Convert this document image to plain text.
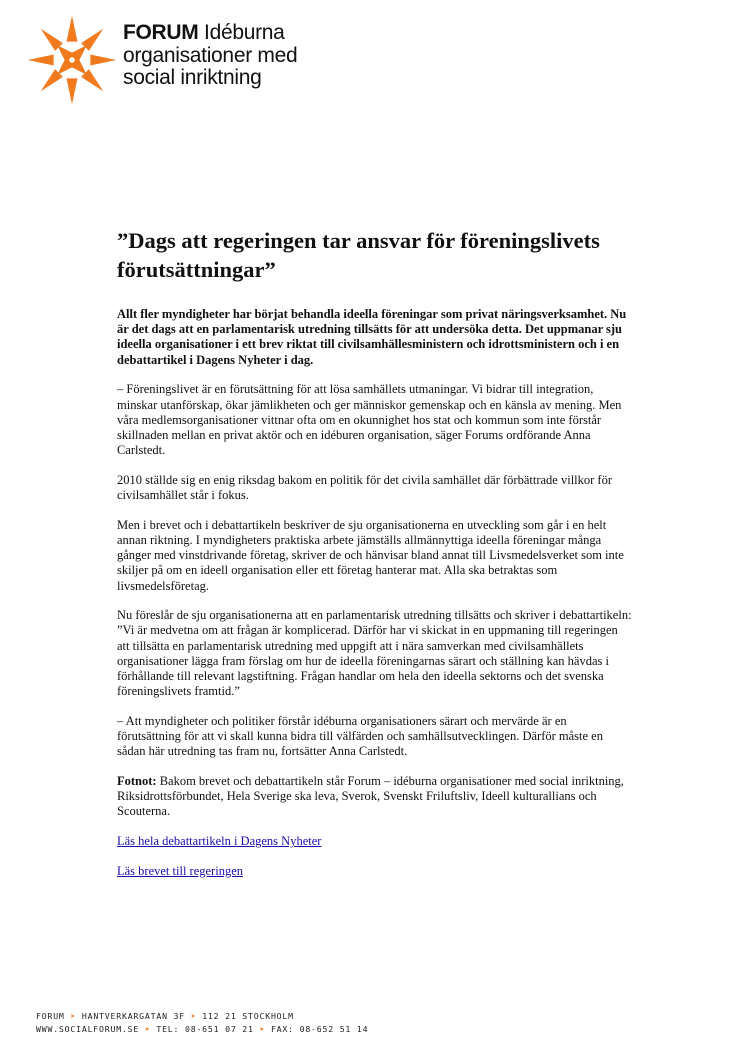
FORUM Idéburna
organisationer med
social inriktning
”Dags att regeringen tar ansvar för föreningslivets förutsättningar”

Allt fler myndigheter har börjat behandla ideella föreningar som privat näringsverksamhet. Nu är det dags att en parlamentarisk utredning tillsätts för att undersöka detta. Det uppmanar sju ideella organisationer i ett brev riktat till civilsamhällesministern och idrottsministern och i en debattartikel i Dagens Nyheter i dag.

– Föreningslivet är en förutsättning för att lösa samhällets utmaningar. Vi bidrar till integration, minskar utanförskap, ökar jämlikheten och ger människor gemenskap och en känsla av mening. Men våra medlemsorganisationer vittnar ofta om en okunnighet hos stat och kommun som inte förstår skillnaden mellan en privat aktör och en idéburen organisation, säger Forums ordförande Anna Carlstedt.

2010 ställde sig en enig riksdag bakom en politik för det civila samhället där förbättrade villkor för civilsamhället står i fokus.

Men i brevet och i debattartikeln beskriver de sju organisationerna en utveckling som går i en helt annan riktning. I myndigheters praktiska arbete jämställs allmännyttiga ideella föreningar många gånger med vinstdrivande företag, skriver de och hänvisar bland annat till Livsmedelsverket som inte skiljer på om en ideell organisation eller ett företag hanterar mat. Alla ska betraktas som livsmedelsföretag.

Nu föreslår de sju organisationerna att en parlamentarisk utredning tillsätts och skriver i debattartikeln:
”Vi är medvetna om att frågan är komplicerad. Därför har vi skickat in en uppmaning till regeringen att tillsätta en parlamentarisk utredning med uppgift att i nära samverkan med civilsamhällets organisationer lägga fram förslag om hur de ideella föreningarnas särart och ställning kan hävdas i förhållande till relevant lagstiftning. Frågan handlar om hela den ideella sektorns och det svenska föreningslivets framtid.”

– Att myndigheter och politiker förstår idéburna organisationers särart och mervärde är en förutsättning för att vi skall kunna bidra till välfärden och samhällsutvecklingen. Därför måste en sådan här utredning tas fram nu, fortsätter Anna Carlstedt.

Fotnot: Bakom brevet och debattartikeln står Forum – idéburna organisationer med social inriktning, Riksidrottsförbundet, Hela Sverige ska leva, Sverok, Svenskt Friluftsliv, Ideell kulturallians och Scouterna.

Läs hela debattartikeln i Dagens Nyheter

Läs brevet till regeringen

FORUM ➤ HANTVERKARGATAN 3F ➤ 112 21 STOCKHOLM
WWW.SOCIALFORUM.SE ➤ TEL: 08-651 07 21 ➤ FAX: 08-652 51 14
